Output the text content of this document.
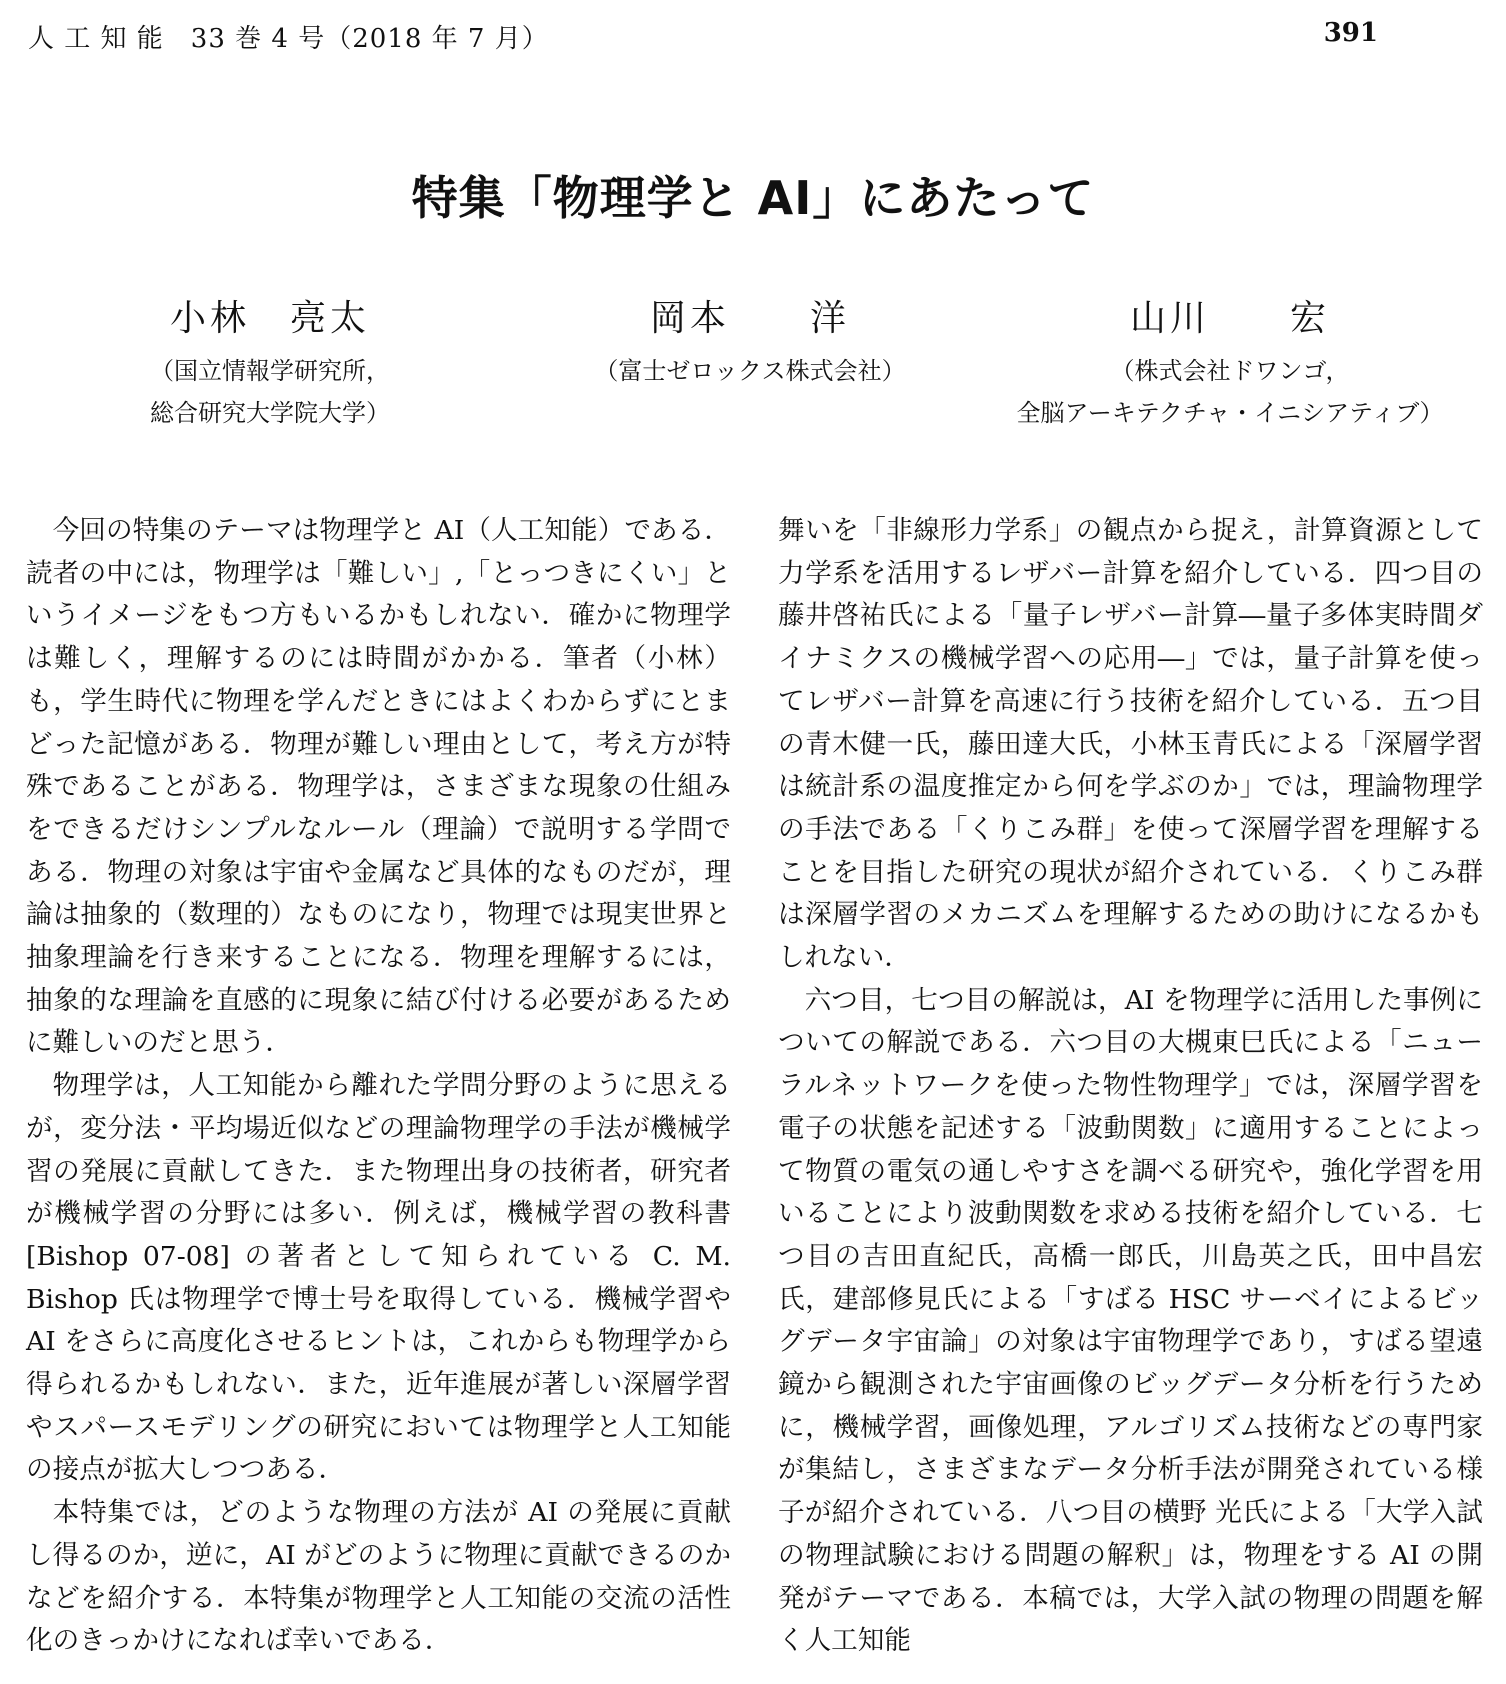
人 工 知 能　33 巻 4 号（2018 年 7 月）	391
特集「物理学と AI」にあたって
小林　亮太
（国立情報学研究所，
総合研究大学院大学）
岡本　　洋
（富士ゼロックス株式会社）
山川　　宏
（株式会社ドワンゴ，
全脳アーキテクチャ・イニシアティブ）

今回の特集のテーマは物理学と AI（人工知能）である．読者の中には，物理学は「難しい」,「とっつきにくい」というイメージをもつ方もいるかもしれない．確かに物理学は難しく，理解するのには時間がかかる．筆者（小林）も，学生時代に物理を学んだときにはよくわからずにとまどった記憶がある．物理が難しい理由として，考え方が特殊であることがある．物理学は，さまざまな現象の仕組みをできるだけシンプルなルール（理論）で説明する学問である．物理の対象は宇宙や金属など具体的なものだが，理論は抽象的（数理的）なものになり，物理では現実世界と抽象理論を行き来することになる．物理を理解するには，抽象的な理論を直感的に現象に結び付ける必要があるために難しいのだと思う．

物理学は，人工知能から離れた学問分野のように思えるが，変分法・平均場近似などの理論物理学の手法が機械学習の発展に貢献してきた．また物理出身の技術者，研究者が機械学習の分野には多い．例えば，機械学習の教科書 [Bishop 07-08] の著者として知られている C. M. Bishop 氏は物理学で博士号を取得している．機械学習や AI をさらに高度化させるヒントは，これからも物理学から得られるかもしれない．また，近年進展が著しい深層学習やスパースモデリングの研究においては物理学と人工知能の接点が拡大しつつある．

本特集では，どのような物理の方法が AI の発展に貢献し得るのか，逆に，AI がどのように物理に貢献できるのかなどを紹介する．本特集が物理学と人工知能の交流の活性化のきっかけになれば幸いである．

舞いを「非線形力学系」の観点から捉え，計算資源として力学系を活用するレザバー計算を紹介している．四つ目の藤井啓祐氏による「量子レザバー計算―量子多体実時間ダイナミクスの機械学習への応用―」では，量子計算を使ってレザバー計算を高速に行う技術を紹介している．五つ目の青木健一氏，藤田達大氏，小林玉青氏による「深層学習は統計系の温度推定から何を学ぶのか」では，理論物理学の手法である「くりこみ群」を使って深層学習を理解することを目指した研究の現状が紹介されている．くりこみ群は深層学習のメカニズムを理解するための助けになるかもしれない．

六つ目，七つ目の解説は，AI を物理学に活用した事例についての解説である．六つ目の大槻東巳氏による「ニューラルネットワークを使った物性物理学」では，深層学習を電子の状態を記述する「波動関数」に適用することによって物質の電気の通しやすさを調べる研究や，強化学習を用いることにより波動関数を求める技術を紹介している．七つ目の吉田直紀氏，高橋一郎氏，川島英之氏，田中昌宏氏，建部修見氏による「すばる HSC サーベイによるビッグデータ宇宙論」の対象は宇宙物理学であり，すばる望遠鏡から観測された宇宙画像のビッグデータ分析を行うために，機械学習，画像処理，アルゴリズム技術などの専門家が集結し，さまざまなデータ分析手法が開発されている様子が紹介されている．八つ目の横野 光氏による「大学入試の物理試験における問題の解釈」は，物理をする AI の開発がテーマである．本稿では，大学入試の物理の問題を解く人工知能
